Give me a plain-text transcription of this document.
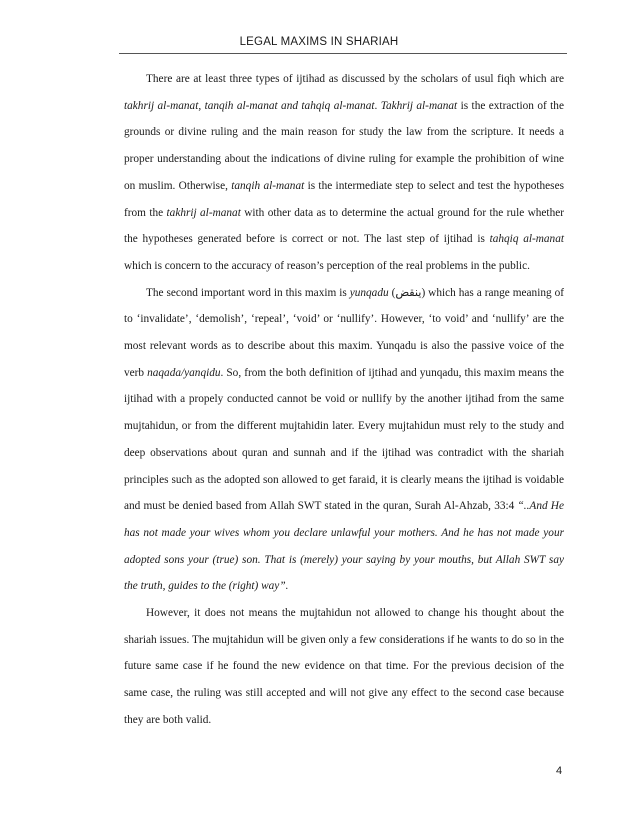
LEGAL MAXIMS IN SHARIAH

There are at least three types of ijtihad as discussed by the scholars of usul fiqh which are takhrij al-manat, tanqih al-manat and tahqiq al-manat. Takhrij al-manat is the extraction of the grounds or divine ruling and the main reason for study the law from the scripture. It needs a proper understanding about the indications of divine ruling for example the prohibition of wine on muslim. Otherwise, tanqih al-manat is the intermediate step to select and test the hypotheses from the takhrij al-manat with other data as to determine the actual ground for the rule whether the hypotheses generated before is correct or not. The last step of ijtihad is tahqiq al-manat which is concern to the accuracy of reason’s perception of the real problems in the public.

The second important word in this maxim is yunqadu (ينقض) which has a range meaning of to ‘invalidate’, ‘demolish’, ‘repeal’, ‘void’ or ‘nullify’. However, ‘to void’ and ‘nullify’ are the most relevant words as to describe about this maxim. Yunqadu is also the passive voice of the verb naqada/yanqidu. So, from the both definition of ijtihad and yunqadu, this maxim means the ijtihad with a propely conducted cannot be void or nullify by the another ijtihad from the same mujtahidun, or from the different mujtahidin later. Every mujtahidun must rely to the study and deep observations about quran and sunnah and if the ijtihad was contradict with the shariah principles such as the adopted son allowed to get faraid, it is clearly means the ijtihad is voidable and must be denied based from Allah SWT stated in the quran, Surah Al-Ahzab, 33:4 “..And He has not made your wives whom you declare unlawful your mothers. And he has not made your adopted sons your (true) son. That is (merely) your saying by your mouths, but Allah SWT say the truth, guides to the (right) way”.

However, it does not means the mujtahidun not allowed to change his thought about the shariah issues. The mujtahidun will be given only a few considerations if he wants to do so in the future same case if he found the new evidence on that time. For the previous decision of the same case, the ruling was still accepted and will not give any effect to the second case because they are both valid.

4
